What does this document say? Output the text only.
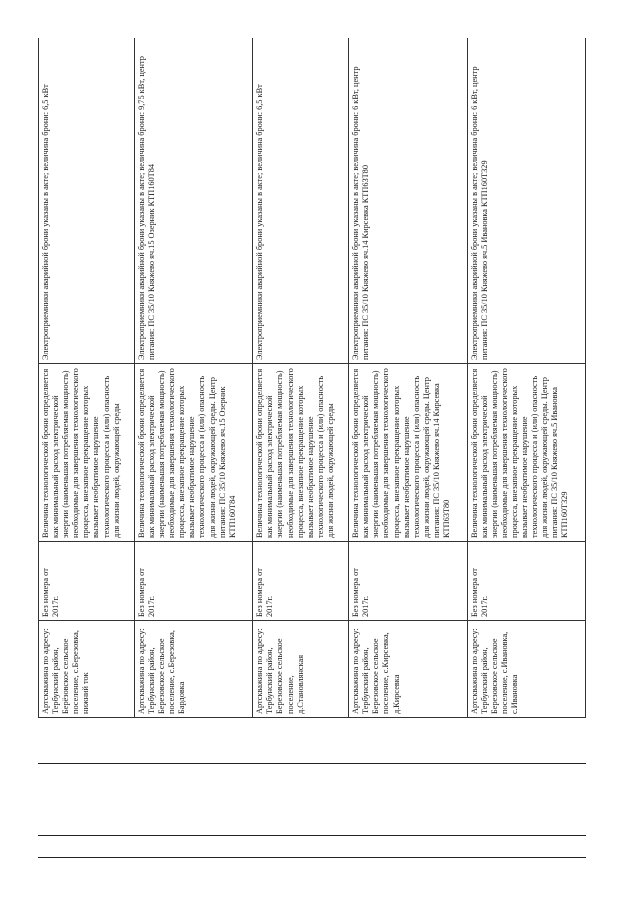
Артскважина по адресу: Тербунский район, Берёзовское сельское поселение, с.Березовка, нижний ток	Без номера от 2017г.	Величина технологической брони определяется как минимальный расход электрической энергии (наименьшая потребляемая мощность) необходимые для завершения технологического процесса, внезапное прекращение которых вызывает необратимое нарушение технологического процесса и (или) опасность для жизни людей, окружающей среды	Электроприемники аварийной брони указаны в акте; величина брони: 6,5 кВт

Артскважина по адресу: Тербунский район, Березовское сельское поселение, с.Березовка, Бардовка	Без номера от 2017г.	Величина технологической брони определяется как минимальный расход электрической энергии (наименьшая потребляемая мощность) необходимые для завершения технологического процесса, внезапное прекращение которых вызывает необратимое нарушение технологического процесса и (или) опасность для жизни людей, окружающей среды. Центр питания: ПС 35/10 Княжево яч.15 Озерник КТП160Т84	Электроприемники аварийной брони указаны в акте; величина брони: 9,75 кВт, центр питания: ПС 35/10 Княжево яч.15 Озерник КТП160Т84

Артскважина по адресу: Тербунский район, Березовское сельское поселение, д.Становлянская	Без номера от 2017г.	Величина технологической брони определяется как минимальный расход электрической энергии (наименьшая потребляемая мощность) необходимые для завершения технологического процесса, внезапное прекращение которых вызывает необратимое нарушение технологического процесса и (или) опасность для жизни людей, окружающей среды	Электроприемники аварийной брони указаны в акте; величина брони: 6,5 кВт

Артскважина по адресу: Тербунский район, Березовское сельское поселение, с.Кирсевка, д.Кирсевка	Без номера от 2017г.	Величина технологической брони определяется как минимальный расход электрической энергии (наименьшая потребляемая мощность) необходимые для завершения технологического процесса, внезапное прекращение которых вызывает необратимое нарушение технологического процесса и (или) опасность для жизни людей, окружающей среды. Центр питания: ПС 35/10 Княжево яч.14 Кирсевка КТП63Т80	Электроприемники аварийной брони указаны в акте; величина брони: 6 кВт, центр питания: ПС 35/10 Княжево яч.14 Кирсевка КТП63Т80

Артскважина по адресу: Тербунский район, Березовское сельское поселение, с.Ивановка, с.Ивановка	Без номера от 2017г.	Величина технологической брони определяется как минимальный расход электрической энергии (наименьшая потребляемая мощность) необходимые для завершения технологического процесса, внезапное прекращение которых вызывает необратимое нарушение технологического процесса и (или) опасность для жизни людей, окружающей среды. Центр питания: ПС 35/10 Княжево яч.5 Ивановка КТП160Т329	Электроприемники аварийной брони указаны в акте; величина брони: 6 кВт, центр питания: ПС 35/10 Княжево яч.5 Ивановка КТП160Т329
